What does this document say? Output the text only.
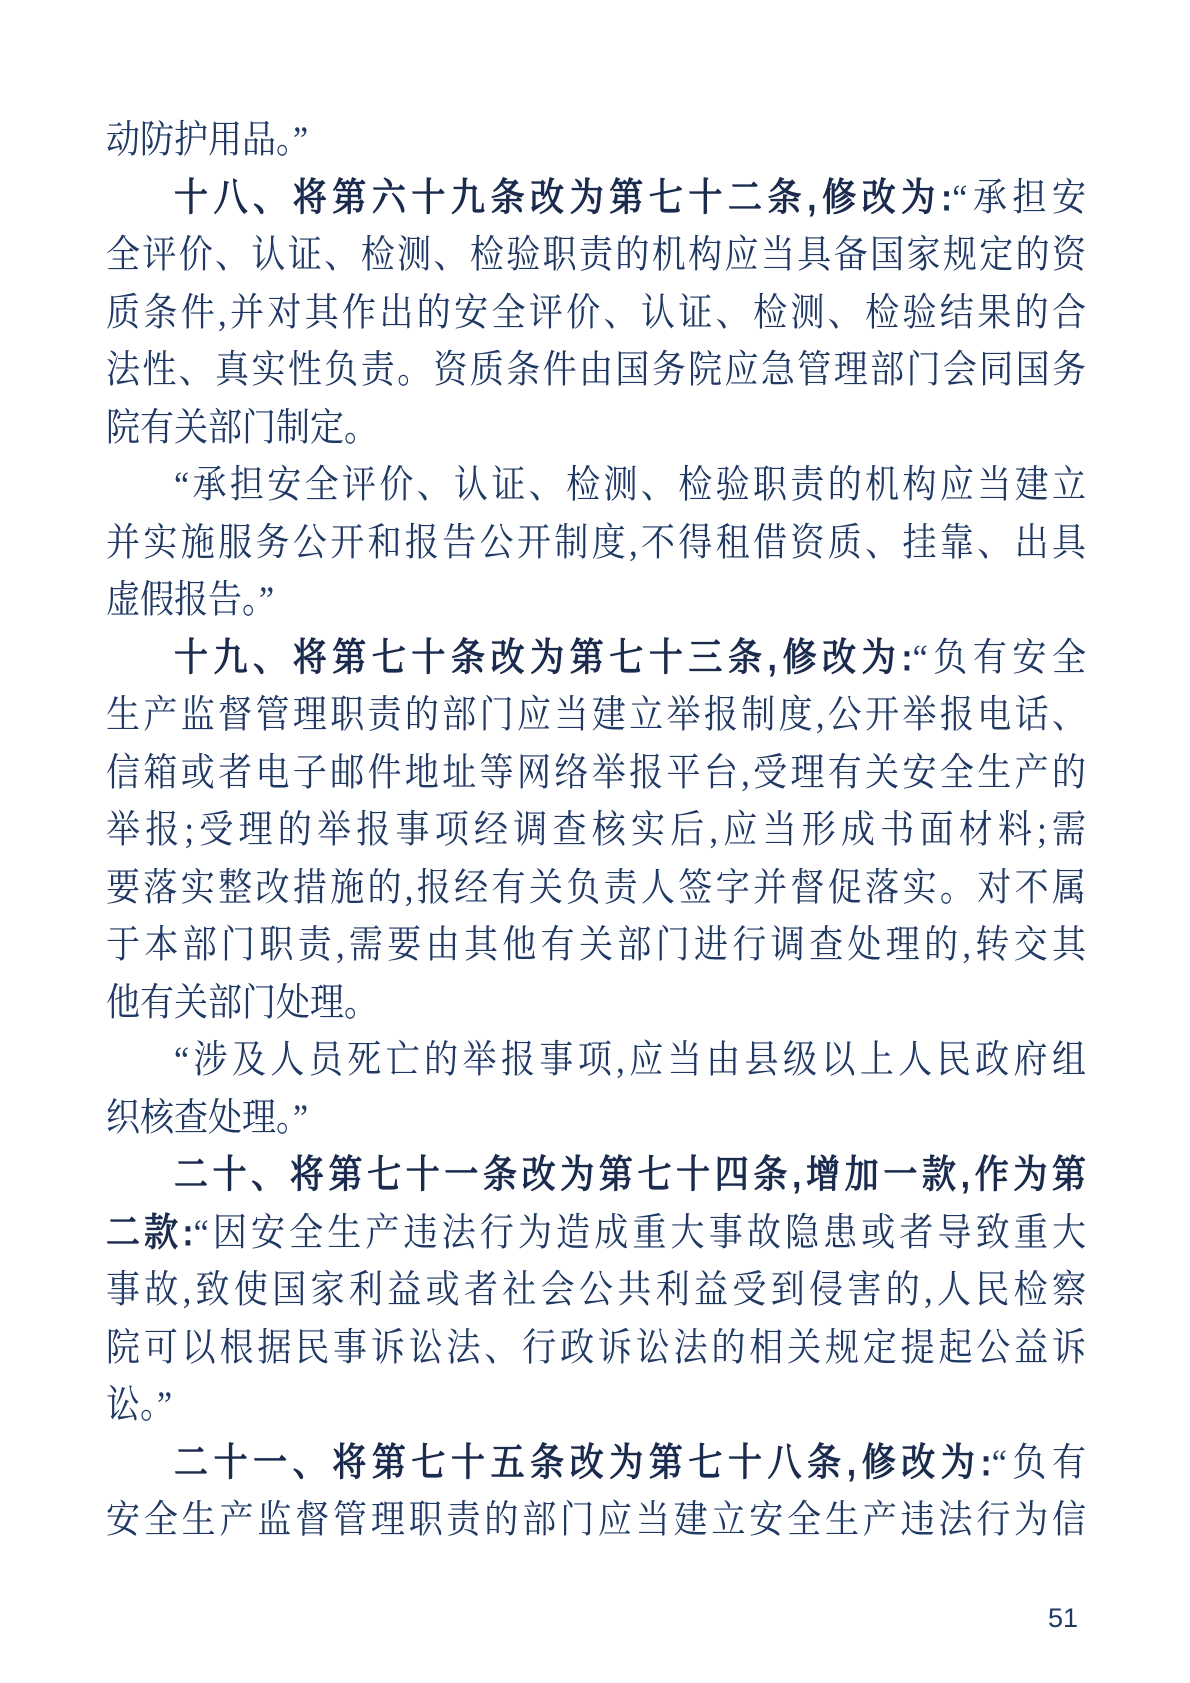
动防护用品。”
十八、将第六十九条改为第七十二条,修改为:“承担安
全评价、认证、检测、检验职责的机构应当具备国家规定的资
质条件,并对其作出的安全评价、认证、检测、检验结果的合
法性、真实性负责。资质条件由国务院应急管理部门会同国务
院有关部门制定。
“承担安全评价、认证、检测、检验职责的机构应当建立
并实施服务公开和报告公开制度,不得租借资质、挂靠、出具
虚假报告。”
十九、将第七十条改为第七十三条,修改为:“负有安全
生产监督管理职责的部门应当建立举报制度,公开举报电话、
信箱或者电子邮件地址等网络举报平台,受理有关安全生产的
举报;受理的举报事项经调查核实后,应当形成书面材料;需
要落实整改措施的,报经有关负责人签字并督促落实。对不属
于本部门职责,需要由其他有关部门进行调查处理的,转交其
他有关部门处理。
“涉及人员死亡的举报事项,应当由县级以上人民政府组
织核查处理。”
二十、将第七十一条改为第七十四条,增加一款,作为第
二款:“因安全生产违法行为造成重大事故隐患或者导致重大
事故,致使国家利益或者社会公共利益受到侵害的,人民检察
院可以根据民事诉讼法、行政诉讼法的相关规定提起公益诉
讼。”
二十一、将第七十五条改为第七十八条,修改为:“负有
安全生产监督管理职责的部门应当建立安全生产违法行为信
51
